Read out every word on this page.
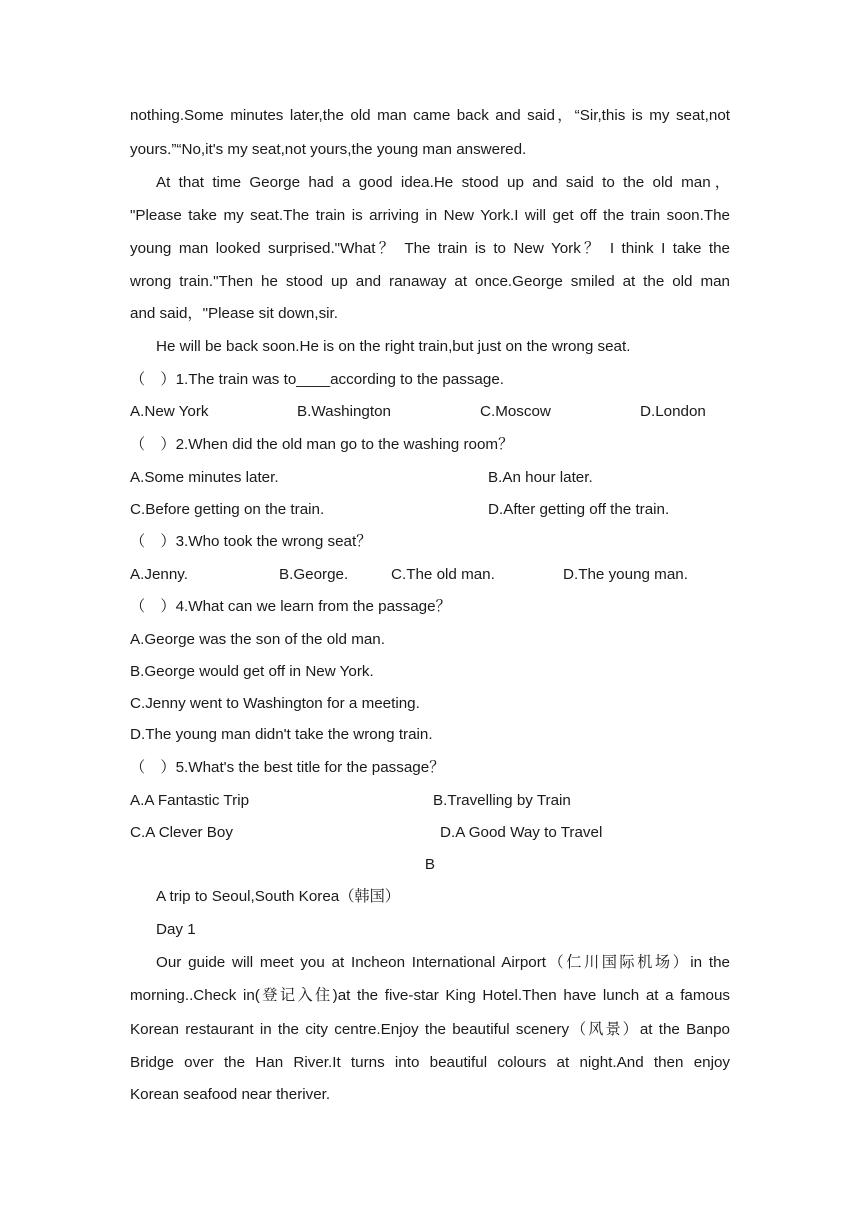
nothing.Some minutes later,the old man came back and said，“Sir,this is my seat,not
yours.”“No,it's my seat,not yours,the young man answered.
At that time George had a good idea.He stood up and said to the old man，
"Please take my seat.The train is arriving in New York.I will get off the train soon.The
young man looked surprised."What？ The train is to New York？ I think I take the
wrong train."Then he stood up and ranaway at once.George smiled at the old man
and said，"Please sit down,sir.
He will be back soon.He is on the right train,but just on the wrong seat.
（　）1.The train was to____according to the passage.
A.New York	B.Washington	C.Moscow	D.London
（　）2.When did the old man go to the washing room？
A.Some minutes later.	B.An hour later.
C.Before getting on the train.	D.After getting off the train.
（　）3.Who took the wrong seat？
A.Jenny.	B.George.	C.The old man.	D.The young man.
（　）4.What can we learn from the passage？
A.George was the son of the old man.
B.George would get off in New York.
C.Jenny went to Washington for a meeting.
D.The young man didn't take the wrong train.
（　）5.What's the best title for the passage？
A.A Fantastic Trip	B.Travelling by Train
C.A Clever Boy	D.A Good Way to Travel
B
A trip to Seoul,South Korea（韩国）
Day 1
Our guide will meet you at Incheon International Airport（仁川国际机场）in the
morning..Check in(登记入住)at the five-star King Hotel.Then have lunch at a famous
Korean restaurant in the city centre.Enjoy the beautiful scenery（风景）at the Banpo
Bridge over the Han River.It turns into beautiful colours at night.And then enjoy
Korean seafood near theriver.
